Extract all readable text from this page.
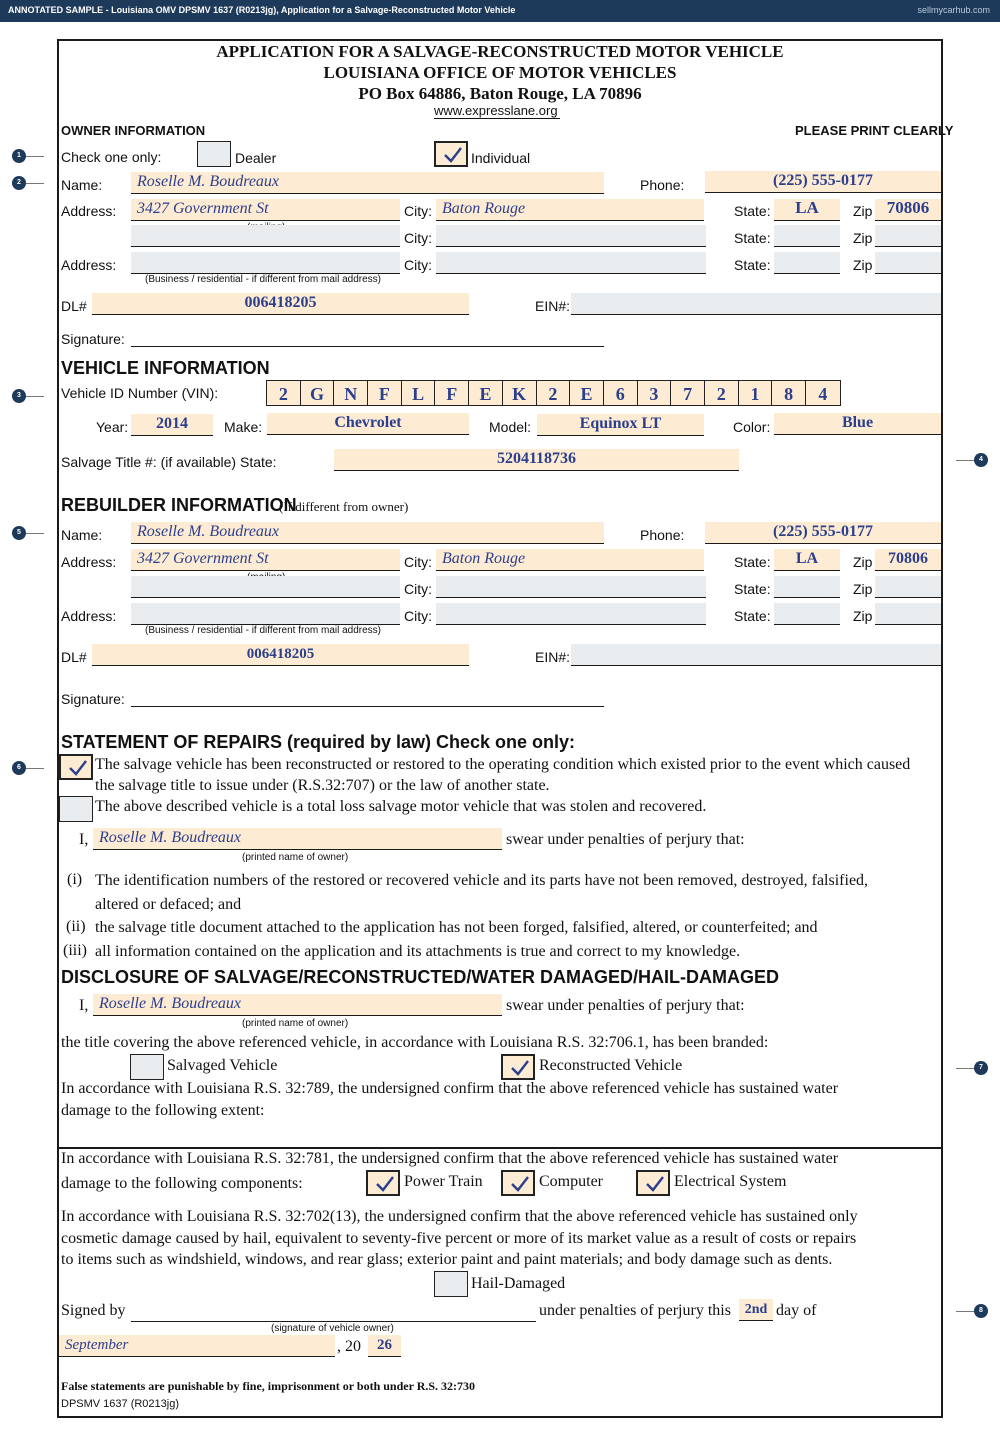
ANNOTATED SAMPLE - Louisiana OMV DPSMV 1637 (R0213jg), Application for a Salvage-Reconstructed Motor Vehicle	sellmycarhub.com
1
2
3
4
5
6
7
8
APPLICATION FOR A SALVAGE-RECONSTRUCTED MOTOR VEHICLE
LOUISIANA OFFICE OF MOTOR VEHICLES
PO Box 64886, Baton Rouge, LA 70896
www.expresslane.org
OWNER INFORMATION	PLEASE PRINT CLEARLY
Check one only:	Dealer	Individual
Name: Roselle M. Boudreaux	Phone:	(225) 555-0177
Address: 3427 Government St	City: Baton Rouge	State:	LA	Zip 70806
City:	State:	Zip
Address:
(Business / residential - if different from mail address)
City:	State:	Zip
DL#	006418205	EIN#:
Signature:
VEHICLE INFORMATION
Vehicle ID Number (VIN):	2	G	N	F	L	F	E	K	2	E	6	3	7	2	1	8	4
Year:	2014	Make:	Chevrolet	Model:	Equinox LT	Color:	Blue
Salvage Title #: (if available) State:	5204118736
REBUILDER INFORMATION
(If different from owner)
Name: Roselle M. Boudreaux	Phone:	(225) 555-0177
Address: 3427 Government St	City: Baton Rouge	State:	LA	Zip 70806
City:	State:	Zip
Address:
(Business / residential - if different from mail address)
City:	State:	Zip
DL#	006418205	EIN#:
Signature:
STATEMENT OF REPAIRS (required by law) Check one only:
The salvage vehicle has been reconstructed or restored to the operating condition which existed prior to the event which caused
the salvage title to issue under (R.S.32:707) or the law of another state.
The above described vehicle is a total loss salvage motor vehicle that was stolen and recovered.
I, Roselle M. Boudreaux	swear under penalties of perjury that:
(printed name of owner)
(i) The identification numbers of the restored or recovered vehicle and its parts have not been removed, destroyed, falsified,
altered or defaced; and
(ii) the salvage title document attached to the application has not been forged, falsified, altered, or counterfeited; and
(iii) all information contained on the application and its attachments is true and correct to my knowledge.
DISCLOSURE OF SALVAGE/RECONSTRUCTED/WATER DAMAGED/HAIL-DAMAGED
I, Roselle M. Boudreaux	swear under penalties of perjury that:
(printed name of owner)
the title covering the above referenced vehicle, in accordance with Louisiana R.S. 32:706.1, has been branded:
Salvaged Vehicle	Reconstructed Vehicle
In accordance with Louisiana R.S. 32:789, the undersigned confirm that the above referenced vehicle has sustained water
damage to the following extent:
In accordance with Louisiana R.S. 32:781, the undersigned confirm that the above referenced vehicle has sustained water
damage to the following components:	Power Train	Computer	Electrical System
In accordance with Louisiana R.S. 32:702(13), the undersigned confirm that the above referenced vehicle has sustained only
cosmetic damage caused by hail, equivalent to seventy-five percent or more of its market value as a result of costs or repairs
to items such as windshield, windows, and rear glass; exterior paint and paint materials; and body damage such as dents.
Hail-Damaged
Signed by	under penalties of perjury this 2nd day of
(signature of vehicle owner)
September	, 20	26
False statements are punishable by fine, imprisonment or both under R.S. 32:730
DPSMV 1637 (R0213jg)
